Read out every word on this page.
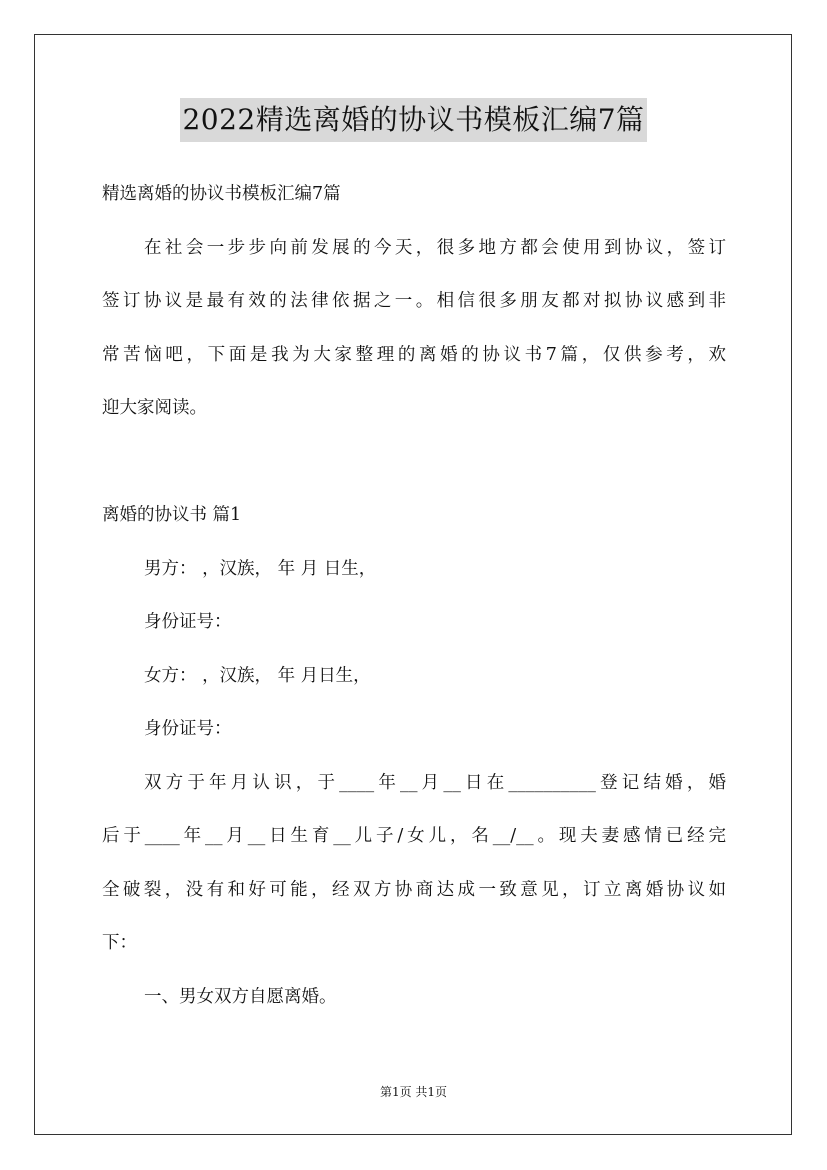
2022精选离婚的协议书模板汇编7篇
精选离婚的协议书模板汇编7篇
在社会一步步向前发展的今天，很多地方都会使用到协议，签订
签订协议是最有效的法律依据之一。相信很多朋友都对拟协议感到非
常苦恼吧，下面是我为大家整理的离婚的协议书7篇，仅供参考，欢
迎大家阅读。
离婚的协议书 篇1
男方： ，汉族， 年 月 日生，
身份证号：
女方： ，汉族， 年 月日生，
身份证号：
双方于年月认识，于____年__月__日在__________登记结婚，婚
后于____年__月__日生育__儿子/女儿，名__/__。现夫妻感情已经完
全破裂，没有和好可能，经双方协商达成一致意见，订立离婚协议如
下：
一、男女双方自愿离婚。
第1页 共1页
